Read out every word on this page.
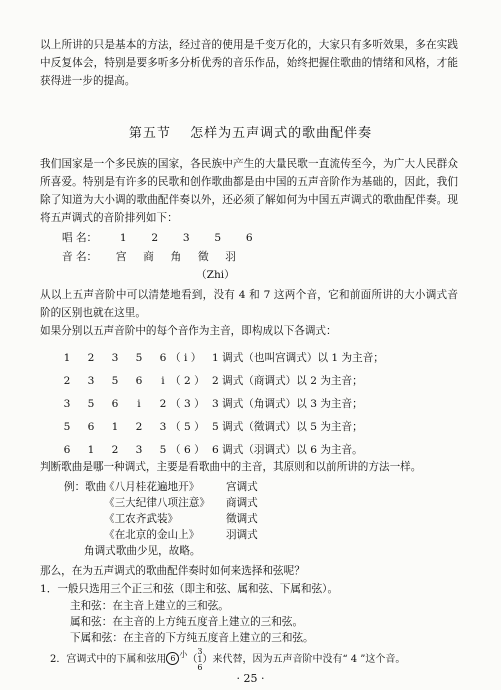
以上所讲的只是基本的方法，经过音的使用是千变万化的，大家只有多听效果，多在实践中反复体会，特别是要多听多分析优秀的音乐作品，始终把握住歌曲的情绪和风格，才能获得进一步的提高。

第五节 怎样为五声调式的歌曲配伴奏

我们国家是一个多民族的国家，各民族中产生的大量民歌一直流传至今，为广大人民群众所喜爱。特别是有许多的民歌和创作歌曲都是由中国的五声音阶作为基础的，因此，我们除了知道为大小调的歌曲配伴奏以外，还必须了解如何为中国五声调式的歌曲配伴奏。现将五声调式的音阶排列如下：

唱 名： 1 2 3 5 6
音 名： 宫 商 角 徵 羽
（Zhi）

从以上五声音阶中可以清楚地看到，没有 4 和 7 这两个音，它和前面所讲的大小调式音阶的区别也就在这里。

如果分别以五声音阶中的每个音作为主音，即构成以下各调式：
1	2	3	5	6 （ i ） 1 调式（也叫宫调式）以 1 为主音；
2	3	5	6	i （ 2 ） 2 调式（商调式）以 2 为主音；
3	5	6	i	2 （ 3 ） 3 调式（角调式）以 3 为主音；
5	6	1	2	3 （ 5 ） 5 调式（徵调式）以 5 为主音；
6	1	2	3	5 （ 6 ） 6 调式（羽调式）以 6 为主音。
判断歌曲是哪一种调式，主要是看歌曲中的主音，其原则和以前所讲的方法一样。
例：歌曲
《八月桂花遍地开》	宫调式
《三大纪律八项注意》 商调式
《工农齐武装》	徵调式
《在北京的金山上》	羽调式
角调式歌曲少见，故略。
那么，在为五声调式的歌曲配伴奏时如何来选择和弦呢？
1．一般只选用三个正三和弦（即主和弦、属和弦、下属和弦）。
· 25 ·
主和弦：在主音上建立的三和弦。
属和弦：在主音的上方纯五度音上建立的三和弦。
下属和弦：在主音的下方纯五度音上建立的三和弦。
2．宫调式中的下属和弦用 6 $^小$（
3
1
6
）来代替，因为五声音阶中没有“ 4 ”这个音。
